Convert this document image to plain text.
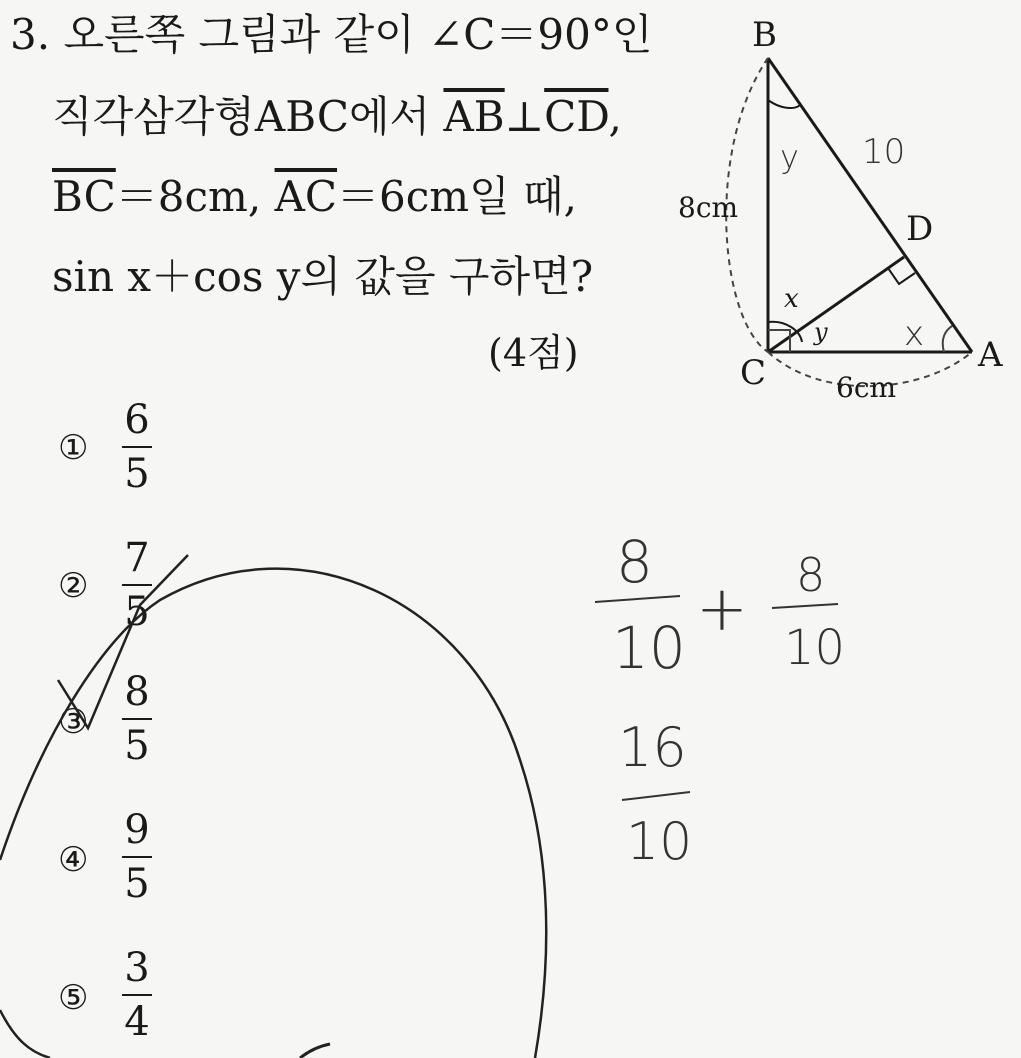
3. 오른쪽 그림과 같이 ∠C＝90°인
직각삼각형ABC에서 $\overline{AB}\perp\overline{CD}$,
$\overline{BC}=8cm$, $\overline{AC}=6cm$일 때,
sin x＋cos y의 값을 구하면?
(4점)
①
6
5
②
7
5
③
8
5
④
9
5
⑤
3
4
B
C	A
D
8cm
6cm
x
y
10
y
x
8
10
+ 8
10
16
10
